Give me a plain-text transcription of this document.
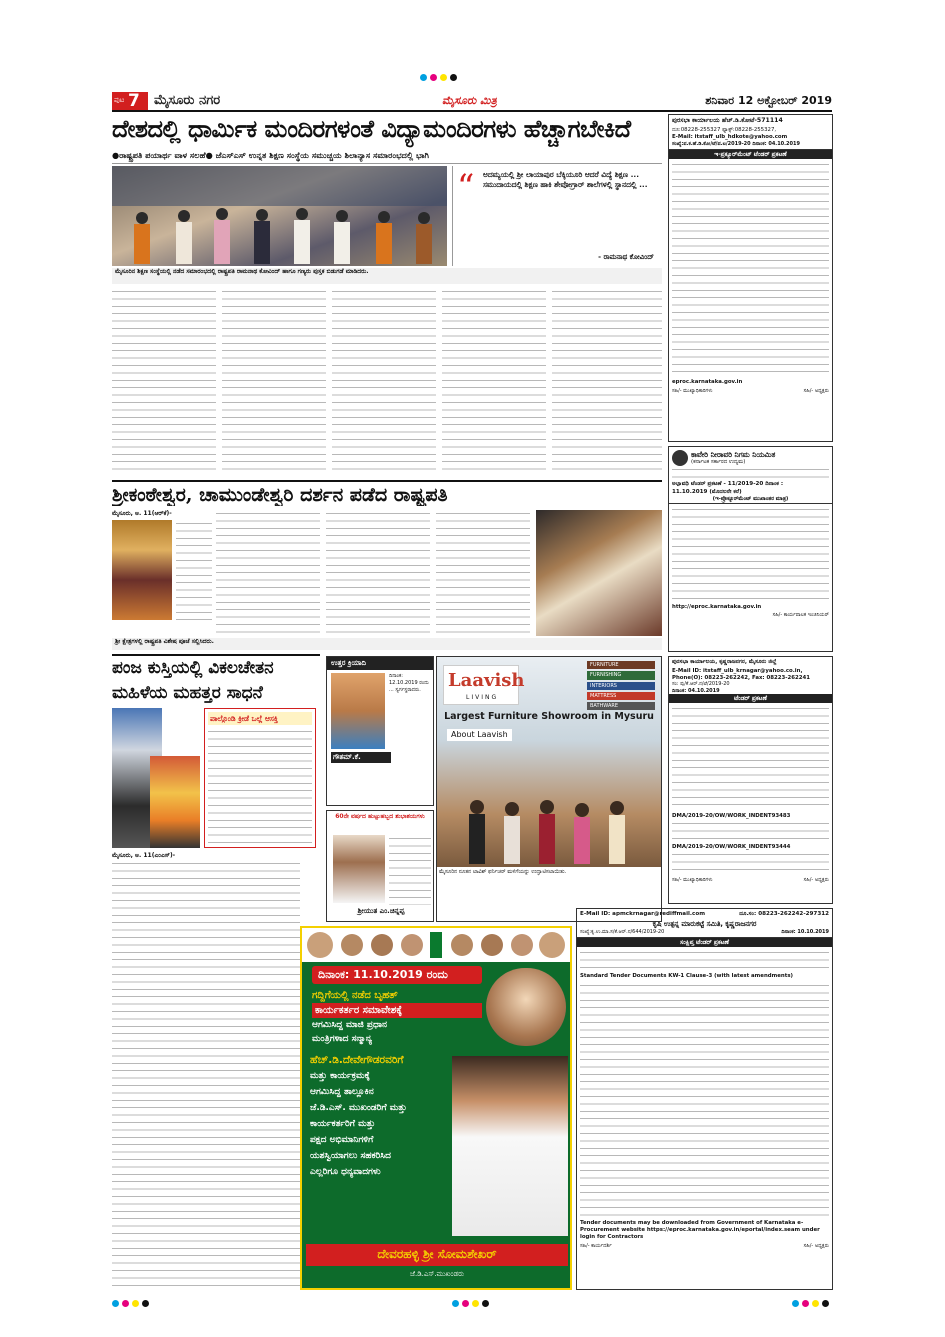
ಪುಟ 7 ಮೈಸೂರು ನಗರ	ಮೈಸೂರು ಮಿತ್ರ	ಶನಿವಾರ 12 ಅಕ್ಟೋಬರ್ 2019
ದೇಶದಲ್ಲಿ ಧಾರ್ಮಿಕ ಮಂದಿರಗಳಂತೆ ವಿದ್ಯಾಮಂದಿರಗಳು ಹೆಚ್ಚಾಗಬೇಕಿದೆ
●ರಾಷ್ಟ್ರಪತಿ ಪಯಾರ್ಥ ವಾಳ ಸಲಹೆ● ಜೆಎಸ್‌ಎಸ್ ಉನ್ನತ ಶಿಕ್ಷಣ ಸಂಸ್ಥೆಯ ಸಮುಚ್ಚಯ ಶಿಲಾನ್ಯಾಸ ಸಮಾರಂಭದಲ್ಲಿ ಭಾಗಿ
“ ಅದಮ್ಯಯಲ್ಲಿ ಶ್ರೀ ಲಾಯಾಪುರ ಬೆಕ್ಕಿಯೂರಿ ಆದರೆ ವಿದ್ಯೆ ಶಿಕ್ಷಣ ... ಸಮುದಾಯದಲ್ಲಿ ಶಿಕ್ಷಣ ಹಾಕಿ ಶೇವೋಗ್ರಾರ್ ಶಾಲೆಗಳಲ್ಲಿ ಸ್ಥಾನದಲ್ಲಿ ...
- ರಾಮನಾಥ ಕೋವಿಂದ್
ಮೈಸೂರಿನ ಶಿಕ್ಷಣ ಸಂಸ್ಥೆಯಲ್ಲಿ ನಡೆದ ಸಮಾರಂಭದಲ್ಲಿ ರಾಷ್ಟ್ರಪತಿ ರಾಮನಾಥ ಕೋವಿಂದ್ ಹಾಗೂ ಗಣ್ಯರು ಪುಸ್ತಕ ಬಿಡುಗಡೆ ಮಾಡಿದರು.
ಶ್ರೀಕಂಠೇಶ್ವರ, ಚಾಮುಂಡೇಶ್ವರಿ ದರ್ಶನ ಪಡೆದ ರಾಷ್ಟ್ರಪತಿ
ಮೈಸೂರು, ಅ. 11(ಆರ್‌ಕೆ)-
ಶ್ರೀ ಕ್ಷೇತ್ರಗಳಲ್ಲಿ ರಾಷ್ಟ್ರಪತಿ ವಿಶೇಷ ಪೂಜೆ ಸಲ್ಲಿಸಿದರು.
ಪಂಜ ಕುಸ್ತಿಯಲ್ಲಿ ವಿಕಲಚೇತನ ಮಹಿಳೆಯ ಮಹತ್ತರ ಸಾಧನೆ
ಪಾಲ್ಗೊಂಡಿ ಕ್ರೀಡೆ ಒಲ್ಲೆ ಆಸಕ್ತಿ
ಮೈಸೂರು, ಅ. 11(ಎಂಎಸ್)-
ಉತ್ತರ ಕ್ರಿಯಾದಿ
ದಿನಾಂಕ: 12.10.2019 ರಂದು ... ಸ್ವರ್ಗಸ್ಥರಾದರು.
ಗೌತಮ್.ಕೆ.
60ನೇ ವರ್ಷದ ಹುಟ್ಟುಹಬ್ಬದ ಶುಭಾಶಯಗಳು
ಶ್ರೀಯುತ ಎಂ.ಚಿನ್ನಪ್ಪ
Laavish
LIVING
FURNITURE
FURNISHING
INTERIORS
MATTRESS
BATHWARE
Largest Furniture Showroom in Mysuru
About Laavish
ಮೈಸೂರಿನ ನೂತನ ಲಾವಿಶ್ ಫರ್ನಿಚರ್ ಮಳಿಗೆಯನ್ನು ಉದ್ಘಾಟಿಸಲಾಯಿತು.
ದಿನಾಂಕ: 11.10.2019 ರಂದು
ಗದ್ದಿಗೆಯಲ್ಲಿ ನಡೆದ ಬೃಹತ್
ಕಾರ್ಯಕರ್ತರ ಸಮಾವೇಶಕ್ಕೆ
ಆಗಮಿಸಿದ್ದ ಮಾಜಿ ಪ್ರಧಾನ
ಮಂತ್ರಿಗಳಾದ ಸನ್ಮಾನ್ಯ
ಹೆಚ್.ಡಿ.ದೇವೇಗೌಡರವರಿಗೆ
ಮತ್ತು ಕಾರ್ಯಕ್ರಮಕ್ಕೆ
ಆಗಮಿಸಿದ್ದ ತಾಲ್ಲೂಕಿನ
ಜೆ.ಡಿ.ಎಸ್. ಮುಖಂಡರಿಗೆ ಮತ್ತು
ಕಾರ್ಯಕರ್ತರಿಗೆ ಮತ್ತು
ಪಕ್ಷದ ಅಭಿಮಾನಿಗಳಿಗೆ
ಯಶಸ್ವಿಯಾಗಲು ಸಹಕರಿಸಿದ
ಎಲ್ಲರಿಗೂ ಧನ್ಯವಾದಗಳು
ದೇವರಹಳ್ಳಿ ಶ್ರೀ ಸೋಮಶೇಖರ್
ಜೆ.ಡಿ.ಎಸ್.ಮುಖಂಡರು
ಪುರಸಭಾ ಕಾರ್ಯಾಲಯ ಹೆಚ್.ಡಿ.ಕೋಟೆ-571114
ದೂ:08228-255327 ಫ್ಯಾಕ್ಸ್:08228-255327,
E-Mail: itstaff_ulb_hdkote@yahoo.com
ಸಂಖ್ಯೆ:ಪ.ಕ.ಹೆ.ಡಿ.ಕೋ/ಟೆ/ಪ.ಟ/2019-20 ದಿನಾಂಕ: 04.10.2019
ಇ-ಪ್ರಕ್ಯೂರ್‌ಮೆಂಟ್ ಟೆಂಡರ್ ಪ್ರಕಟಣೆ
eproc.karnataka.gov.in
ಸಹಿ/- ಮುಖ್ಯಾಧಿಕಾರಿಗಳು	ಸಹಿ/- ಅಧ್ಯಕ್ಷರು
ಕಾವೇರಿ ನೀರಾವರಿ ನಿಗಮ ನಿಯಮಿತ
(ಕರ್ನಾಟಕ ಸರ್ಕಾರದ ಉದ್ಯಮ)
ಅಲ್ಪಾವಧಿ ಟೆಂಡರ್ ಪ್ರಕಟಣೆ - 11/2019-20 ದಿನಾಂಕ :
11.10.2019 (ಮೊದಲನೇ ಕರೆ)
(ಇ-ಪ್ರೊಕ್ಯೂರ್‌ಮೆಂಟ್ ಮುಖಾಂತರ ಮಾತ್ರ)
http://eproc.karnataka.gov.in
ಸಹಿ/- ಕಾರ್ಯಪಾಲಕ ಇಂಜಿನಿಯರ್
ಪುರಸಭಾ ಕಾರ್ಯಾಲಯ, ಕೃಷ್ಣರಾಜನಗರ, ಮೈಸೂರು ಜಿಲ್ಲೆ
E-Mail ID: itstaff_ulb_krnagar@yahoo.co.in,
Phone(O): 08223-262242, Fax: 08223-262241
ಸಂ: ಪು/ಕೆ.ಆರ್.ನ/ಟೆ/2019-20
ದಿನಾಂಕ: 04.10.2019
ಟೆಂಡರ್ ಪ್ರಕಟಣೆ
DMA/2019-20/OW/WORK_INDENT93483
DMA/2019-20/OW/WORK_INDENT93444
ಸಹಿ/- ಮುಖ್ಯಾಧಿಕಾರಿಗಳು	ಸಹಿ/- ಅಧ್ಯಕ್ಷರು
E-Mail ID: apmckrnagar@rediffmail.com	ದೂ.ಸಂ: 08223-262242-297312
ಕೃಷಿ ಉತ್ಪನ್ನ ಮಾರುಕಟ್ಟೆ ಸಮಿತಿ, ಕೃಷ್ಣರಾಜನಗರ
ಸಂಖ್ಯೆ:ಕೃ.ಉ.ಮಾ.ಸ/ಕೆ.ಆರ್.ನ/644/2019-20	ದಿನಾಂಕ: 10.10.2019
ಸಂಕ್ಷಿಪ್ತ ಟೆಂಡರ್ ಪ್ರಕಟಣೆ
Standard Tender Documents KW-1 Clause-3 (with latest amendments)
Tender documents may be downloaded from Government of Karnataka e-Procurement website https://eproc.karnataka.gov.in/eportal/index.seam under login for Contractors
ಸಹಿ/- ಕಾರ್ಯದರ್ಶಿ	ಸಹಿ/- ಅಧ್ಯಕ್ಷರು
